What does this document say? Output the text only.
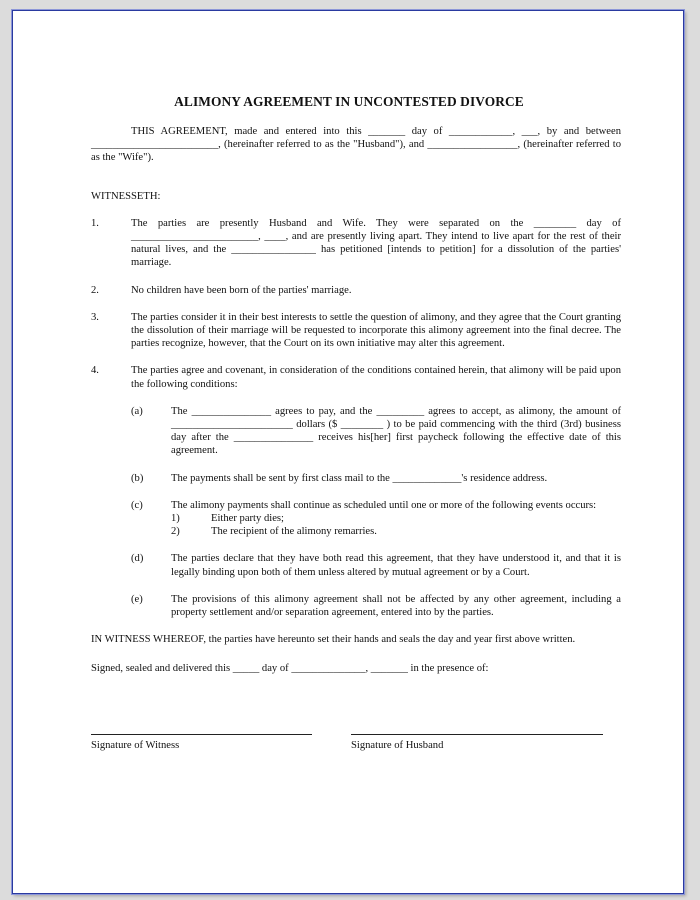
ALIMONY AGREEMENT IN UNCONTESTED DIVORCE
THIS AGREEMENT, made and entered into this _______ day of ____________, ___, by and between ________________________, (hereinafter referred to as the "Husband"), and _________________, (hereinafter referred to as the "Wife").
WITNESSETH:
1.	The parties are presently Husband and Wife. They were separated on the ________ day of ________________________, ____, and are presently living apart. They intend to live apart for the rest of their natural lives, and the ________________ has petitioned [intends to petition] for a dissolution of the parties' marriage.
2.	No children have been born of the parties' marriage.
3.	The parties consider it in their best interests to settle the question of alimony, and they agree that the Court granting the dissolution of their marriage will be requested to incorporate this alimony agreement into the final decree. The parties recognize, however, that the Court on its own initiative may alter this agreement.
4.	The parties agree and covenant, in consideration of the conditions contained herein, that alimony will be paid upon the following conditions:
(a)	The _______________ agrees to pay, and the _________ agrees to accept, as alimony, the amount of _______________________ dollars ($ ________ ) to be paid commencing with the third (3rd) business day after the _______________ receives his[her] first paycheck following the effective date of this agreement.
(b)	The payments shall be sent by first class mail to the _____________'s residence address.
(c)	The alimony payments shall continue as scheduled until one or more of the following events occurs:
1)	Either party dies;
2)	The recipient of the alimony remarries.
(d)	The parties declare that they have both read this agreement, that they have understood it, and that it is legally binding upon both of them unless altered by mutual agreement or by a Court.
(e)	The provisions of this alimony agreement shall not be affected by any other agreement, including a property settlement and/or separation agreement, entered into by the parties.
IN WITNESS WHEREOF, the parties have hereunto set their hands and seals the day and year first above written.
Signed, sealed and delivered this _____ day of ______________, _______ in the presence of:
Signature of Witness	Signature of Husband
